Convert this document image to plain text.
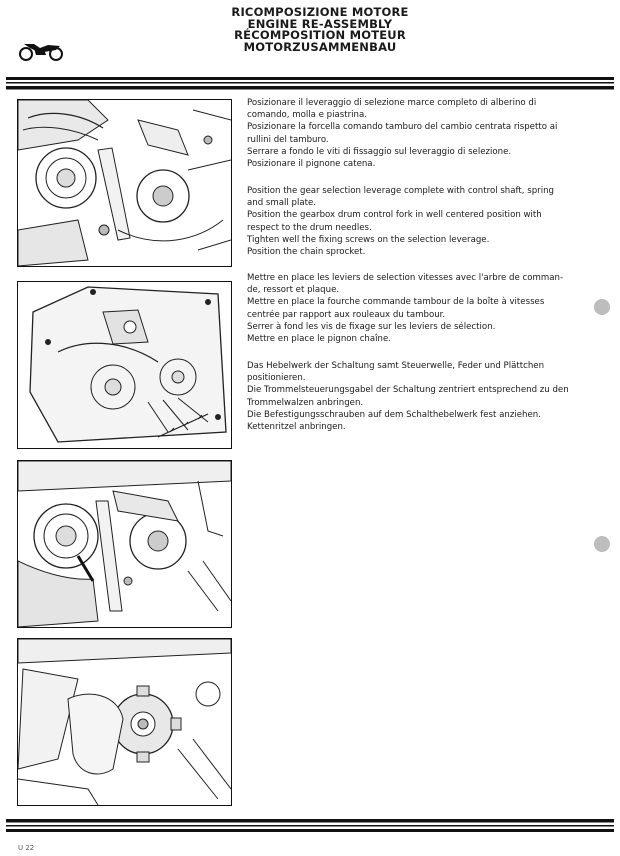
RICOMPOSIZIONE MOTORE
ENGINE RE-ASSEMBLY
RÉCOMPOSITION MOTEUR
MOTORZUSAMMENBAU
Posizionare il leveraggio di selezione marce completo di alberino di
comando, molla e piastrina.
Posizionare la forcella comando tamburo del cambio centrata rispetto ai
rullini del tamburo.
Serrare a fondo le viti di fissaggio sul leveraggio di selezione.
Posizionare il pignone catena.
Position the gear selection leverage complete with control shaft, spring
and small plate.
Position the gearbox drum control fork in well centered position with
respect to the drum needles.
Tighten well the fixing screws on the selection leverage.
Position the chain sprocket.
Mettre en place les leviers de selection vitesses avec l'arbre de comman-
de, ressort et plaque.
Mettre en place la fourche commande tambour de la boîte à vitesses
centrée par rapport aux rouleaux du tambour.
Serrer à fond les vis de fixage sur les leviers de sélection.
Mettre en place le pignon chaîne.
Das Hebelwerk der Schaltung samt Steuerwelle, Feder und Plättchen
positionieren.
Die Trommelsteuerungsgabel der Schaltung zentriert entsprechend zu den
Trommelwalzen anbringen.
Die Befestigungsschrauben auf dem Schalthebelwerk fest anziehen.
Kettenritzel anbringen.
U 22
